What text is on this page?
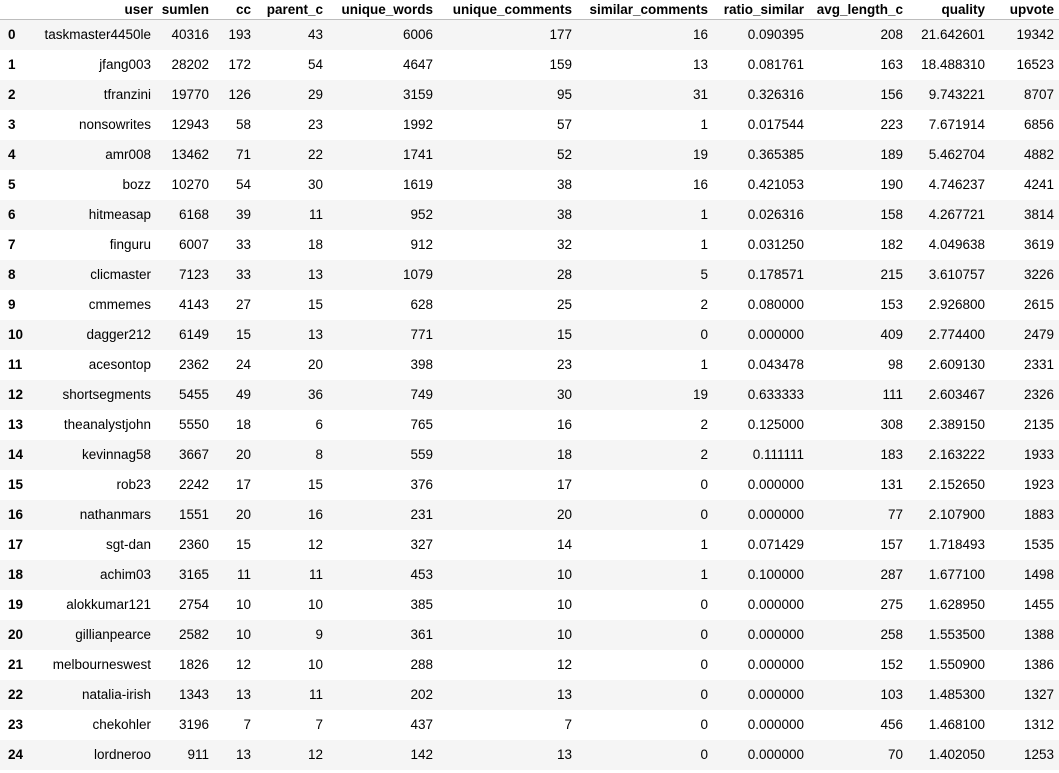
	user	sumlen	cc	parent_c	unique_words	unique_comments	similar_comments	ratio_similar	avg_length_c	quality	upvote
0	taskmaster4450le	40316	193	43	6006	177	16	0.090395	208	21.642601	19342
1	jfang003	28202	172	54	4647	159	13	0.081761	163	18.488310	16523
2	tfranzini	19770	126	29	3159	95	31	0.326316	156	9.743221	8707
3	nonsowrites	12943	58	23	1992	57	1	0.017544	223	7.671914	6856
4	amr008	13462	71	22	1741	52	19	0.365385	189	5.462704	4882
5	bozz	10270	54	30	1619	38	16	0.421053	190	4.746237	4241
6	hitmeasap	6168	39	11	952	38	1	0.026316	158	4.267721	3814
7	finguru	6007	33	18	912	32	1	0.031250	182	4.049638	3619
8	clicmaster	7123	33	13	1079	28	5	0.178571	215	3.610757	3226
9	cmmemes	4143	27	15	628	25	2	0.080000	153	2.926800	2615
10	dagger212	6149	15	13	771	15	0	0.000000	409	2.774400	2479
11	acesontop	2362	24	20	398	23	1	0.043478	98	2.609130	2331
12	shortsegments	5455	49	36	749	30	19	0.633333	111	2.603467	2326
13	theanalystjohn	5550	18	6	765	16	2	0.125000	308	2.389150	2135
14	kevinnag58	3667	20	8	559	18	2	0.111111	183	2.163222	1933
15	rob23	2242	17	15	376	17	0	0.000000	131	2.152650	1923
16	nathanmars	1551	20	16	231	20	0	0.000000	77	2.107900	1883
17	sgt-dan	2360	15	12	327	14	1	0.071429	157	1.718493	1535
18	achim03	3165	11	11	453	10	1	0.100000	287	1.677100	1498
19	alokkumar121	2754	10	10	385	10	0	0.000000	275	1.628950	1455
20	gillianpearce	2582	10	9	361	10	0	0.000000	258	1.553500	1388
21	melbourneswest	1826	12	10	288	12	0	0.000000	152	1.550900	1386
22	natalia-irish	1343	13	11	202	13	0	0.000000	103	1.485300	1327
23	chekohler	3196	7	7	437	7	0	0.000000	456	1.468100	1312
24	lordneroo	911	13	12	142	13	0	0.000000	70	1.402050	1253
